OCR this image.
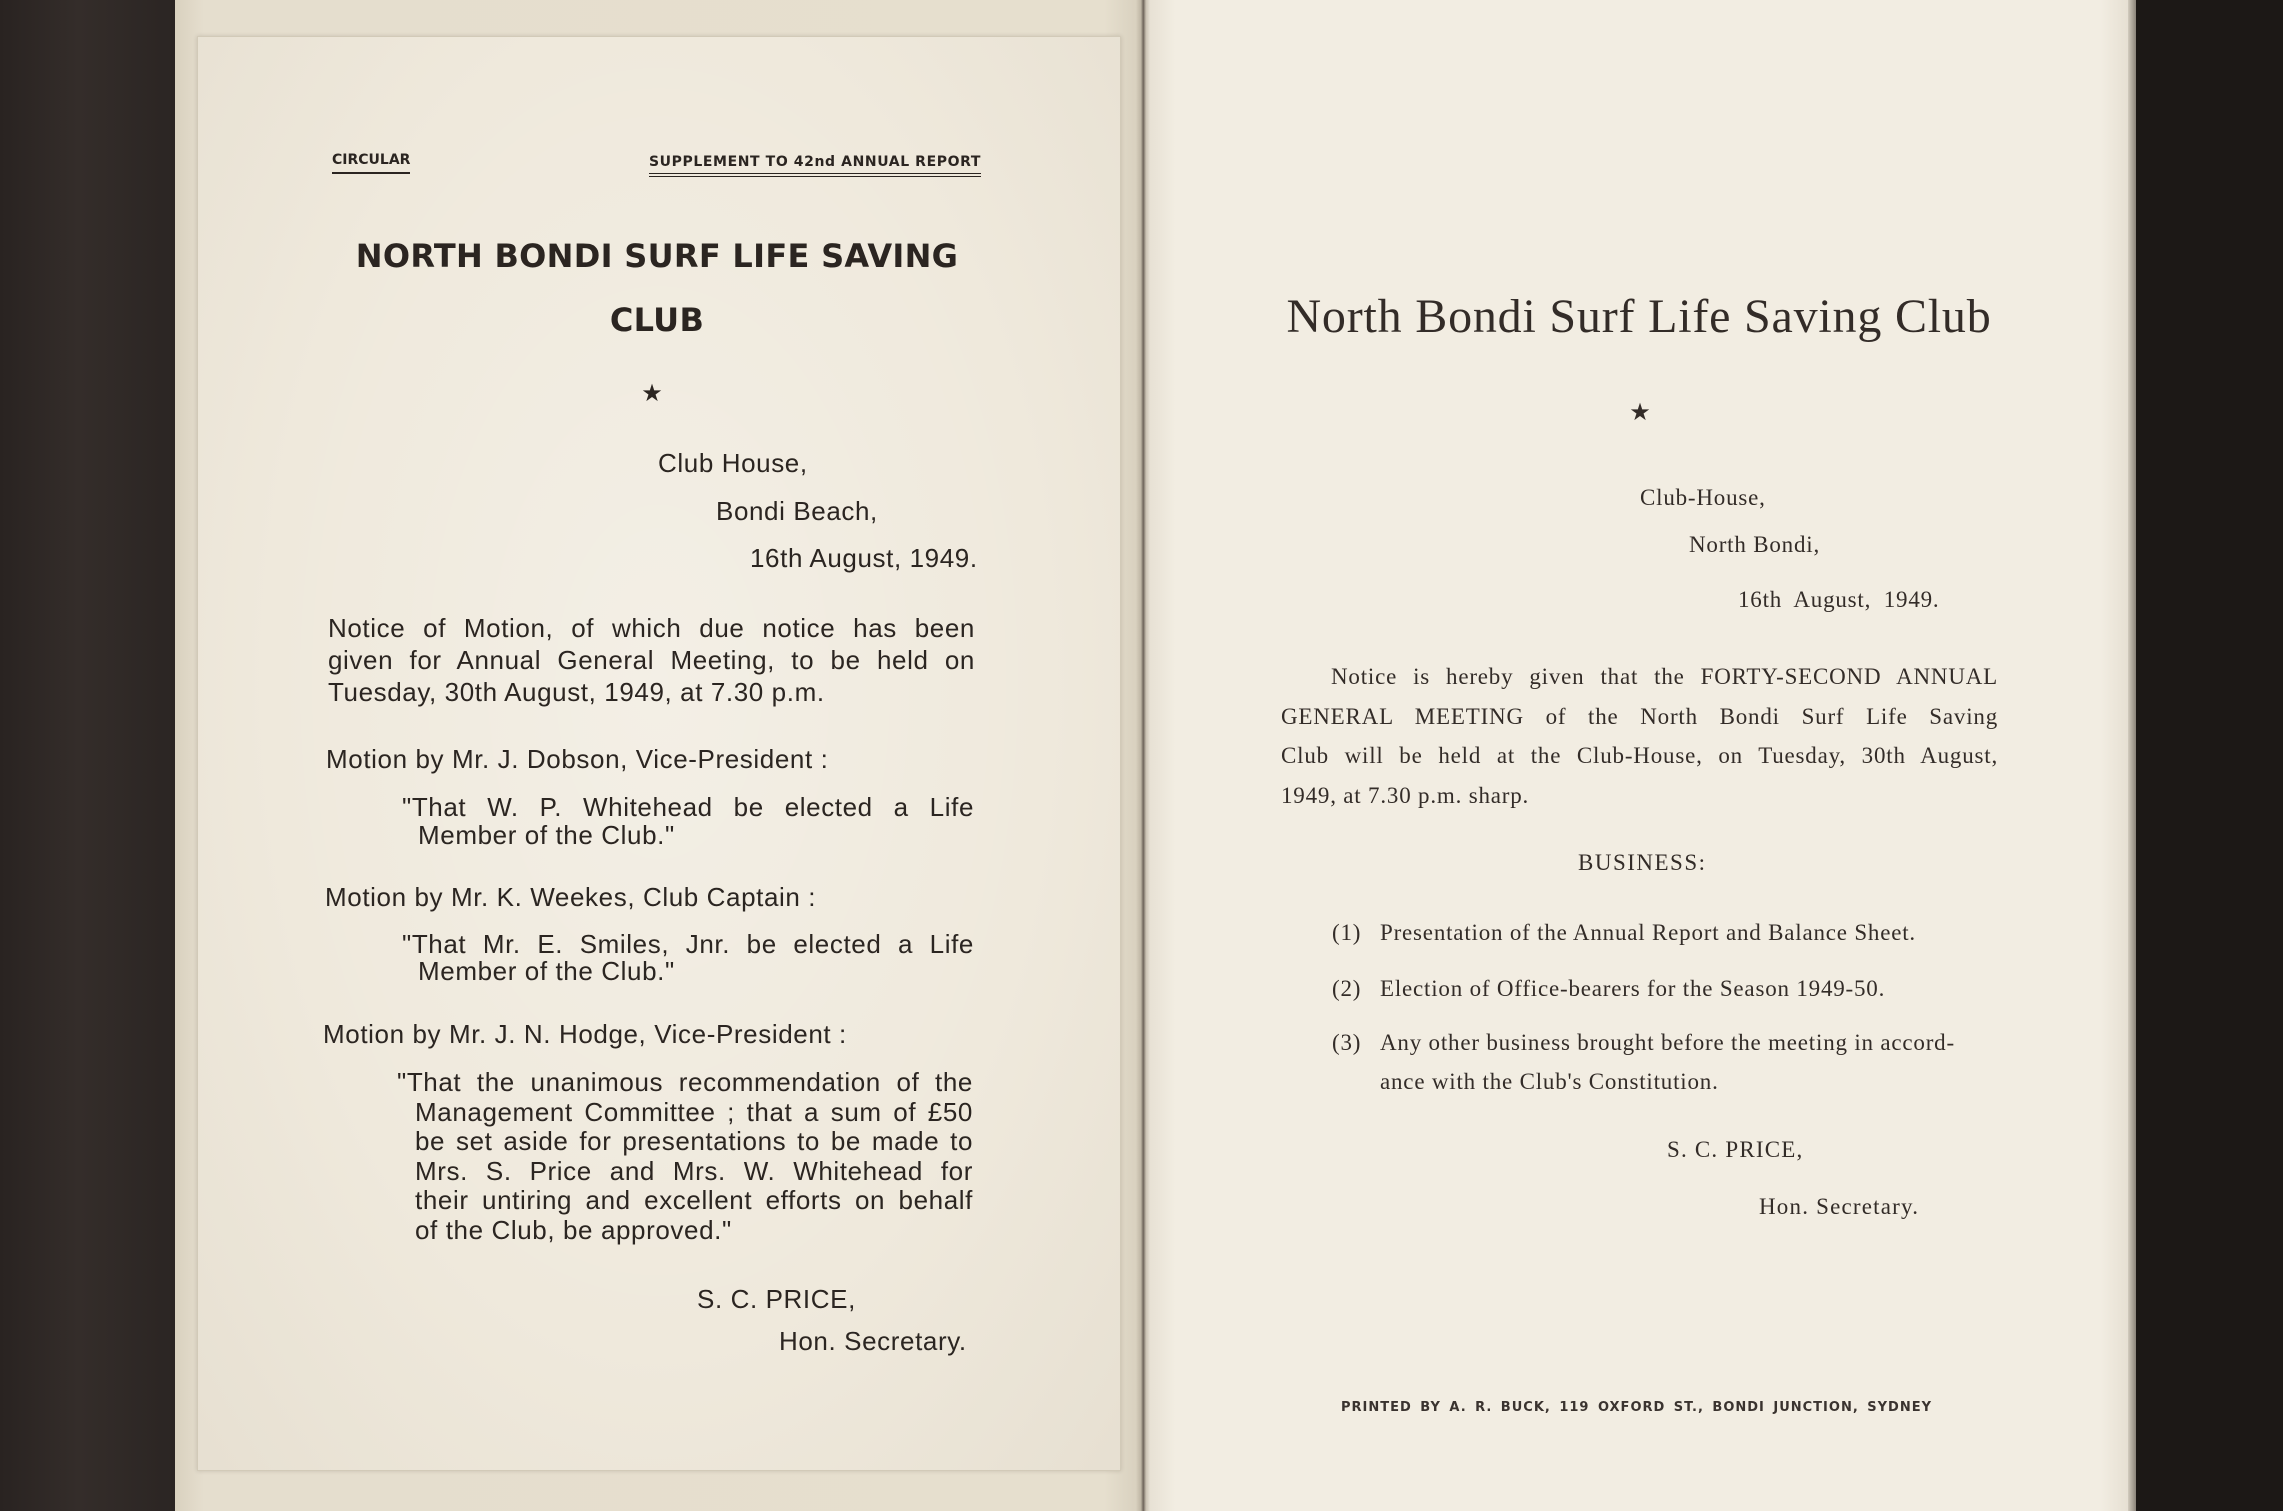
CIRCULAR	SUPPLEMENT TO 42nd ANNUAL REPORT
NORTH BONDI SURF LIFE SAVING
CLUB
★
Club House,
Bondi Beach,
16th August, 1949.
Notice of Motion, of which due notice has been
given for Annual General Meeting, to be held on
Tuesday, 30th August, 1949, at 7.30 p.m.
Motion by Mr. J. Dobson, Vice-President :
"That W. P. Whitehead be elected a Life
Member of the Club."
Motion by Mr. K. Weekes, Club Captain :
"That Mr. E. Smiles, Jnr. be elected a Life
Member of the Club."
Motion by Mr. J. N. Hodge, Vice-President :
"That the unanimous recommendation of the
Management Committee ; that a sum of £50
be set aside for presentations to be made to
Mrs. S. Price and Mrs. W. Whitehead for
their untiring and excellent efforts on behalf
of the Club, be approved."
S. C. PRICE,
Hon. Secretary.
North Bondi Surf Life Saving Club
★
Club-House,
North Bondi,
16th August, 1949.
Notice is hereby given that the FORTY-SECOND ANNUAL
GENERAL MEETING of the North Bondi Surf Life Saving
Club will be held at the Club-House, on Tuesday, 30th August,
1949, at 7.30 p.m. sharp.
BUSINESS:
(1) Presentation of the Annual Report and Balance Sheet.
(2) Election of Office-bearers for the Season 1949-50.
(3) Any other business brought before the meeting in accord-
ance with the Club's Constitution.
S. C. PRICE,
Hon. Secretary.
PRINTED BY A. R. BUCK, 119 OXFORD ST., BONDI JUNCTION, SYDNEY
